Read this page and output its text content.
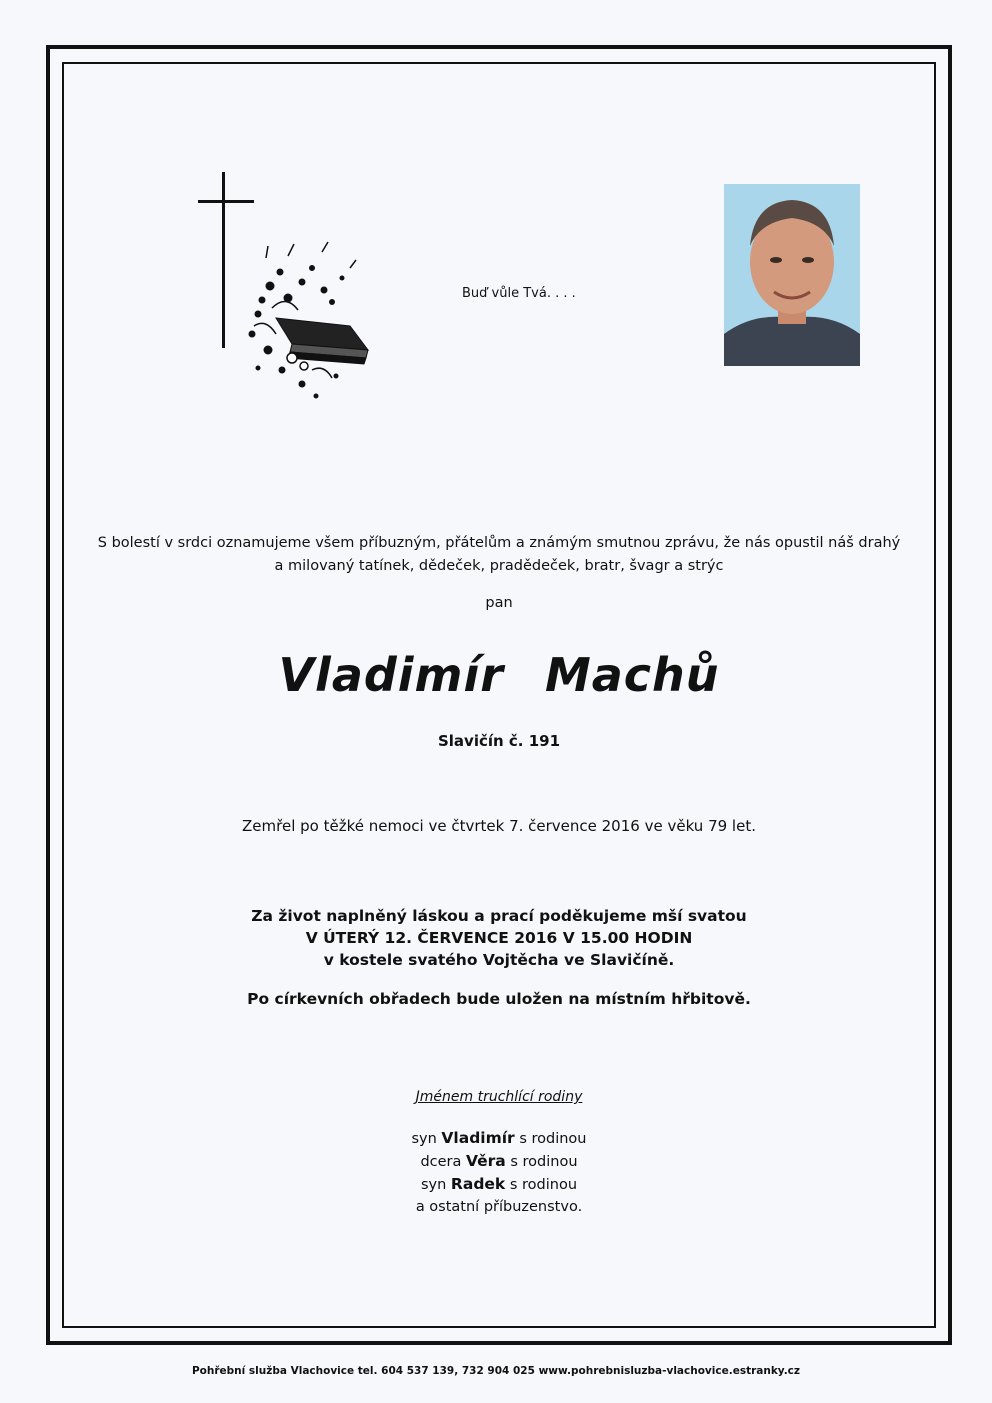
Buď vůle Tvá. . . .
S bolestí v srdci oznamujeme všem příbuzným, přátelům a známým smutnou zprávu, že nás opustil náš drahý
a milovaný tatínek, dědeček, pradědeček, bratr, švagr a strýc
pan
Vladimír Machů
Slavičín č. 191
Zemřel po těžké nemoci ve čtvrtek 7. července 2016 ve věku 79 let.
Za život naplněný láskou a prací poděkujeme mší svatou
V ÚTERÝ 12. ČERVENCE 2016 V 15.00 HODIN
v kostele svatého Vojtěcha ve Slavičíně.
Po církevních obřadech bude uložen na místním hřbitově.
Jménem truchlící rodiny
syn Vladimír s rodinou
dcera Věra s rodinou
syn Radek s rodinou
a ostatní příbuzenstvo.
Pohřební služba Vlachovice tel. 604 537 139, 732 904 025 www.pohrebnisluzba-vlachovice.estranky.cz
